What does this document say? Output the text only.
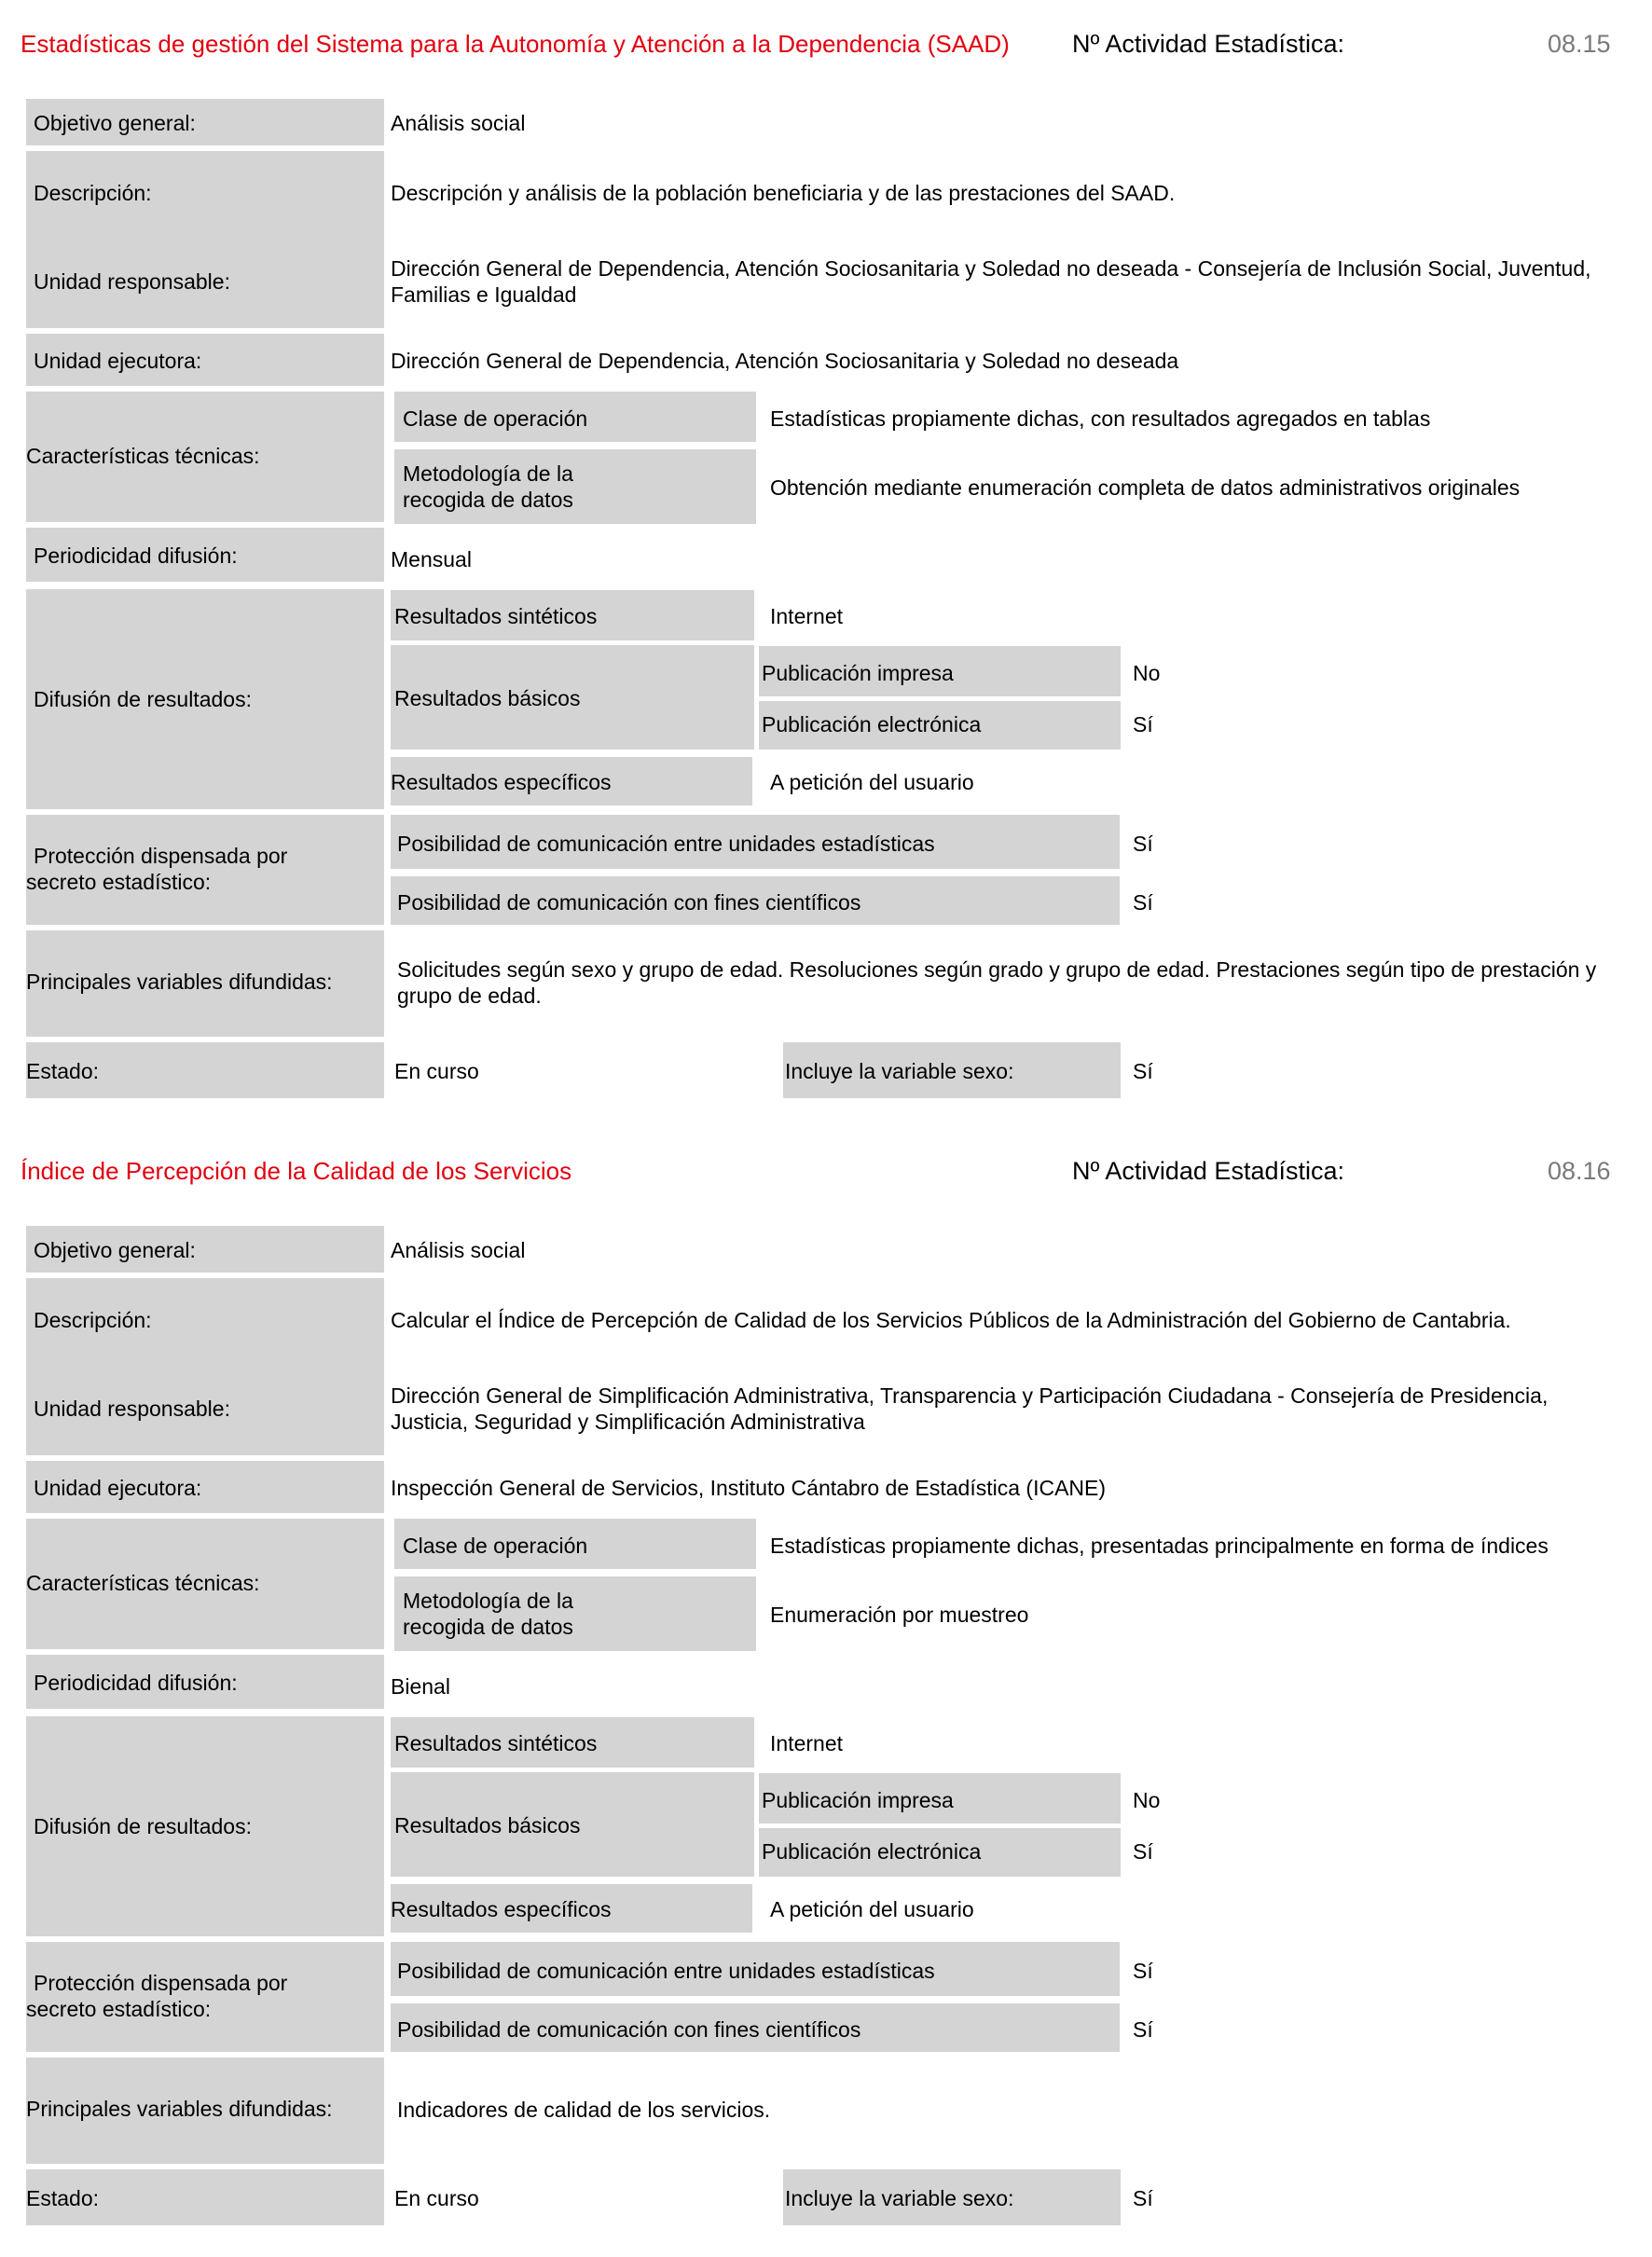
Estadísticas de gestión del Sistema para la Autonomía y Atención a la Dependencia (SAAD) Nº Actividad Estadística:	08.15
Objetivo general:	Análisis social
Descripción:	Descripción y análisis de la población beneficiaria y de las prestaciones del SAAD.
Unidad responsable:
Dirección General de Dependencia, Atención Sociosanitaria y Soledad no deseada - Consejería de Inclusión Social, Juventud, Familias e Igualdad
Unidad ejecutora:	Dirección General de Dependencia, Atención Sociosanitaria y Soledad no deseada
Características técnicas:
Clase de operación	Estadísticas propiamente dichas, con resultados agregados en tablas
Metodología de la recogida de datos	Obtención mediante enumeración completa de datos administrativos originales
Periodicidad difusión:	Mensual
Difusión de resultados:
Resultados sintéticos	Internet
Resultados básicos
Publicación impresa	No
Publicación electrónica	Sí
Resultados específicos	A petición del usuario
Protección dispensada por secreto estadístico:
Posibilidad de comunicación entre unidades estadísticas	Sí
Posibilidad de comunicación con fines científicos	Sí
Principales variables difundidas:	Solicitudes según sexo y grupo de edad. Resoluciones según grado y grupo de edad. Prestaciones según tipo de prestación y grupo de edad.
Estado:	En curso	Incluye la variable sexo:	Sí
Índice de Percepción de la Calidad de los Servicios	Nº Actividad Estadística:	08.16
Objetivo general:	Análisis social
Descripción:	Calcular el Índice de Percepción de Calidad de los Servicios Públicos de la Administración del Gobierno de Cantabria.
Unidad responsable:
Dirección General de Simplificación Administrativa, Transparencia y Participación Ciudadana - Consejería de Presidencia, Justicia, Seguridad y Simplificación Administrativa
Unidad ejecutora:	Inspección General de Servicios, Instituto Cántabro de Estadística (ICANE)
Características técnicas:
Clase de operación	Estadísticas propiamente dichas, presentadas principalmente en forma de índices
Metodología de la recogida de datos	Enumeración por muestreo
Periodicidad difusión:	Bienal
Difusión de resultados:
Resultados sintéticos	Internet
Resultados básicos
Publicación impresa	No
Publicación electrónica	Sí
Resultados específicos	A petición del usuario
Protección dispensada por secreto estadístico:
Posibilidad de comunicación entre unidades estadísticas	Sí
Posibilidad de comunicación con fines científicos	Sí
Principales variables difundidas:	Indicadores de calidad de los servicios.
Estado:	En curso	Incluye la variable sexo:	Sí
